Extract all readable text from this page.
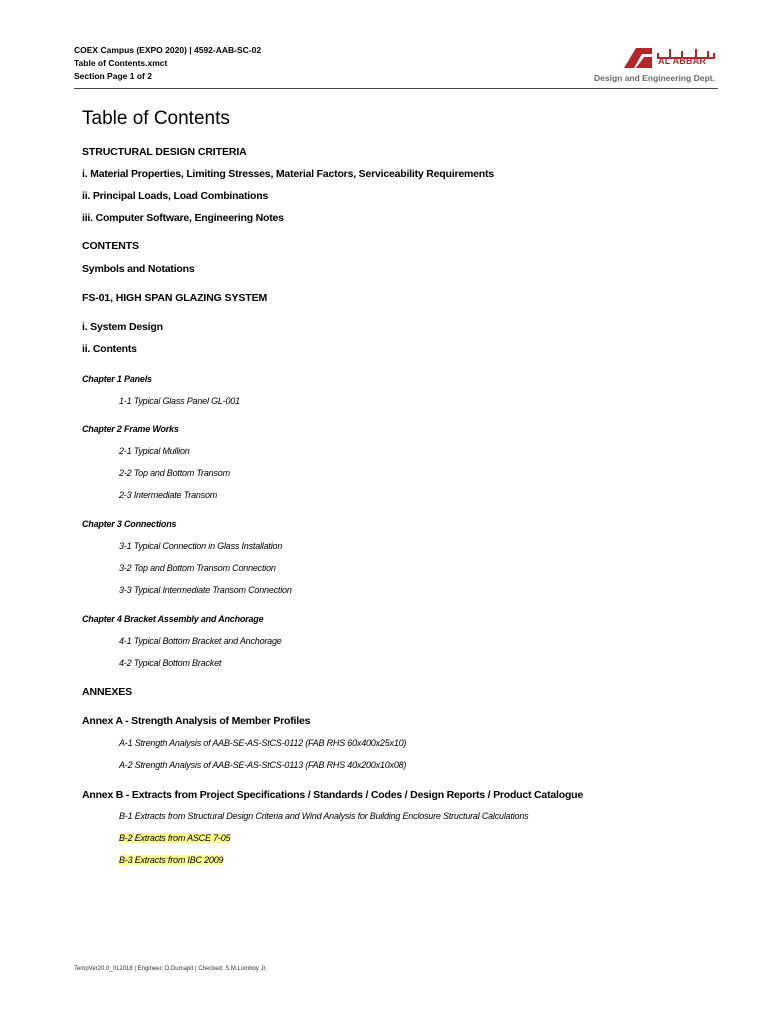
COEX Campus (EXPO 2020) | 4592-AAB-SC-02
Table of Contents.xmct
Section Page 1 of 2
AL ABBAR
Design and Engineering Dept.
Table of Contents
STRUCTURAL DESIGN CRITERIA
i. Material Properties, Limiting Stresses, Material Factors, Serviceability Requirements
ii. Principal Loads, Load Combinations
iii. Computer Software, Engineering Notes
CONTENTS
Symbols and Notations
FS-01, HIGH SPAN GLAZING SYSTEM
i. System Design
ii. Contents
Chapter 1 Panels
1-1 Typical Glass Panel GL-001
Chapter 2 Frame Works
2-1 Typical Mullion
2-2 Top and Bottom Transom
2-3 Intermediate Transom
Chapter 3 Connections
3-1 Typical Connection in Glass Installation
3-2 Top and Bottom Transom Connection
3-3 Typical Intermediate Transom Connection
Chapter 4 Bracket Assembly and Anchorage
4-1 Typical Bottom Bracket and Anchorage
4-2 Typical Bottom Bracket
ANNEXES
Annex A - Strength Analysis of Member Profiles
A-1 Strength Analysis of AAB-SE-AS-StCS-0112 (FAB RHS 60x400x25x10)
A-2 Strength Analysis of AAB-SE-AS-StCS-0113 (FAB RHS 40x200x10x08)
Annex B - Extracts from Project Specifications / Standards / Codes / Design Reports / Product Catalogue
B-1 Extracts from Structural Design Criteria and Wind Analysis for Building Enclosure Structural Calculations
B-2 Extracts from ASCE 7-05
B-3 Extracts from IBC 2009
TempVer20.0_012018 | Engineer: D.Dumapit | Checked: S.M.Lomboy Jr.
